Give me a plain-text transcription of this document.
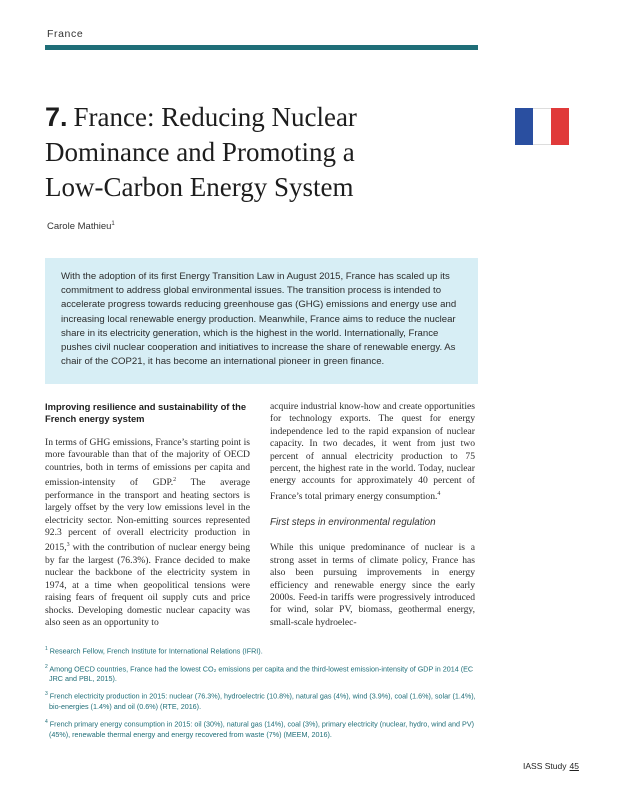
France
7. France: Reducing Nuclear
Dominance and Promoting a
Low-Carbon Energy System
Carole Mathieu$^1$

With the adoption of its first Energy Transition Law in August 2015, France has scaled up its commitment to address global environmental issues. The transition process is intended to accelerate progress towards reducing greenhouse gas (GHG) emissions and energy use and increasing local renewable energy production. Meanwhile, France aims to reduce the nuclear share in its electricity generation, which is the highest in the world. Internationally, France pushes civil nuclear cooperation and initiatives to increase the share of renewable energy. As chair of the COP21, it has become an international pioneer in green finance.

Improving resilience and sustainability of the French energy system

In terms of GHG emissions, France’s starting point is more favourable than that of the majority of OECD countries, both in terms of emissions per capita and emission-intensity of GDP.$^2$ The average performance in the transport and heating sectors is largely offset by the very low emissions level in the electricity sector. Non-emitting sources represented 92.3 percent of overall electricity production in 2015,$^3$ with the contribution of nuclear energy being by far the largest (76.3%). France decided to make nuclear the backbone of the electricity system in 1974, at a time when geopolitical tensions were raising fears of frequent oil supply cuts and price shocks. Developing domestic nuclear capacity was also seen as an opportunity to

acquire industrial know-how and create opportunities for technology exports. The quest for energy independence led to the rapid expansion of nuclear capacity. In two decades, it went from just two percent of annual electricity production to 75 percent, the highest rate in the world. Today, nuclear energy accounts for approximately 40 percent of France’s total primary energy consumption.$^4$

First steps in environmental regulation

While this unique predominance of nuclear is a strong asset in terms of climate policy, France has also been pursuing improvements in energy efficiency and renewable energy since the early 2000s. Feed-in tariffs were progressively introduced for wind, solar PV, biomass, geothermal energy, small-scale hydroelec-

$^1$ Research Fellow, French Institute for International Relations (IFRI).

$^2$ Among OECD countries, France had the lowest CO₂ emissions per capita and the third-lowest emission-intensity of GDP in 2014 (EC JRC and PBL, 2015).

$^3$ French electricity production in 2015: nuclear (76.3%), hydroelectric (10.8%), natural gas (4%), wind (3.9%), coal (1.6%), solar (1.4%), bio-energies (1.4%) and oil (0.6%) (RTE, 2016).

$^4$ French primary energy consumption in 2015: oil (30%), natural gas (14%), coal (3%), primary electricity (nuclear, hydro, wind and PV) (45%), renewable thermal energy and energy recovered from waste (7%) (MEEM, 2016).

IASS Study 45
